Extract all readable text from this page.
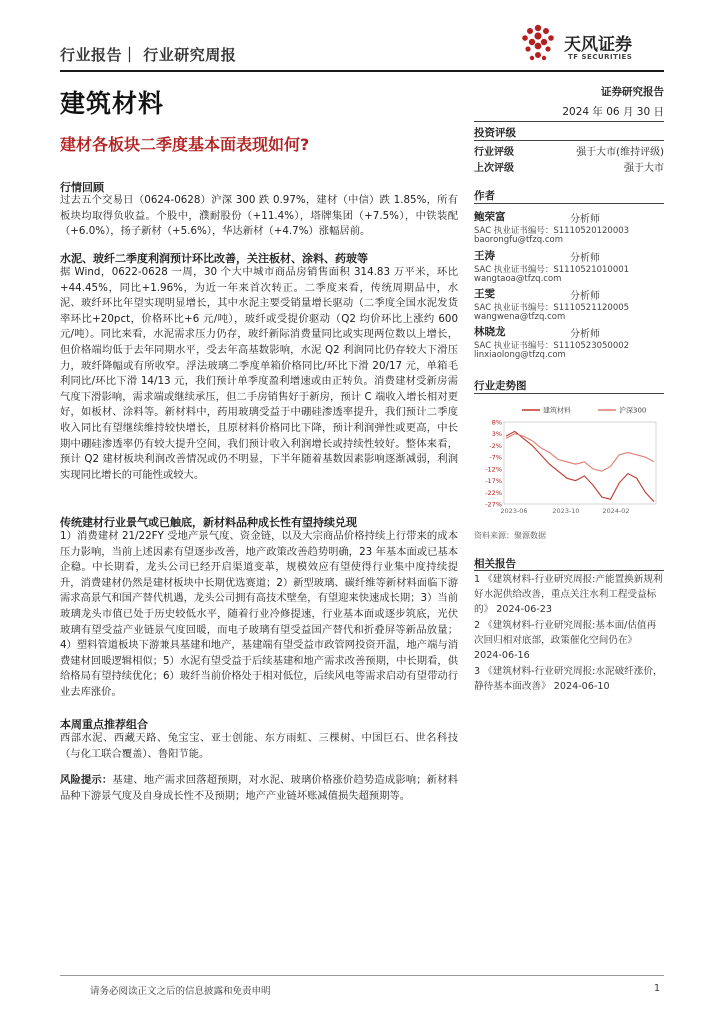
行业报告｜ 行业研究周报	天风证券
TF SECURITIES
建筑材料	证券研究报告
2024 年 06 月 30 日
建材各板块二季度基本面表现如何?
行情回顾

过去五个交易日（0624-0628）沪深 300 跌 0.97%，建材（中信）跌 1.85%，所有板块均取得负收益。个股中，濮耐股份（+11.4%），塔牌集团（+7.5%），中铁装配（+6.0%），扬子新材（+5.6%），华达新材（+4.7%）涨幅居前。

水泥、玻纤二季度利润预计环比改善，关注板材、涂料、药玻等

据 Wind，0622-0628 一周，30 个大中城市商品房销售面积 314.83 万平米，环比+44.45%，同比+1.96%，为近一年来首次转正。二季度来看，传统周期品中，水泥、玻纤环比年望实现明显增长，其中水泥主要受销量增长驱动（二季度全国水泥发货率环比+20pct，价格环比+6 元/吨），玻纤或受提价驱动（Q2 均价环比上涨约 600 元/吨）。同比来看，水泥需求压力仍存，玻纤新际消费量同比或实现两位数以上增长，但价格端均低于去年同期水平，受去年高基数影响，水泥 Q2 利润同比仍存较大下滑压力，玻纤降幅或有所收窄。浮法玻璃二季度单箱价格同比/环比下滑 20/17 元，单箱毛利同比/环比下滑 14/13 元，我们预计单季度盈利增速或由正转负。消费建材受新房需气度下滑影响，需求端或继续承压，但二手房销售好于新房，预计 C 端收入增长相对更好，如板材、涂料等。新材料中，药用玻璃受益于中硼硅渗透率提升，我们预计二季度收入同比有望继续维持较快增长，且原材料价格同比下降，预计利润弹性或更高，中长期中硼硅渗透率仍有较大提升空间，我们预计收入利润增长或持续性较好。整体来看，预计 Q2 建材板块利润改善情况或仍不明显，下半年随着基数因素影响逐渐减弱，利润实现同比增长的可能性或较大。

传统建材行业景气或已触底，新材料品种成长性有望持续兑现

1）消费建材 21/22FY 受地产景气度、资金链，以及大宗商品价格持续上行带来的成本压力影响，当前上述因素有望逐步改善，地产政策改善趋势明确，23 年基本面或已基本企稳。中长期看，龙头公司已经开启渠道变革，规模效应有望使得行业集中度持续提升，消费建材仍然是建材板块中长期优选赛道；2）新型玻璃、碳纤维等新材料面临下游需求高景气和国产替代机遇，龙头公司拥有高技术壁垒，有望迎来快速成长期；3）当前玻璃龙头市值已处于历史较低水平，随着行业冷修提速，行业基本面或逐步筑底，光伏玻璃有望受益产业链景气度回暖，而电子玻璃有望受益国产替代和折叠屏等新品放量；4）塑料管道板块下游兼具基建和地产，基建端有望受益市政管网投资开温，地产端与消费建材回暖逻辑相似；5）水泥有望受益于后续基建和地产需求改善预期，中长期看，供给格局有望持续优化；6）玻纤当前价格处于相对低位，后续风电等需求启动有望带动行业去库涨价。

本周重点推荐组合

西部水泥、西藏天路、兔宝宝、亚士创能、东方雨虹、三棵树、中国巨石、世名科技（与化工联合覆盖）、鲁阳节能。

风险提示：基建、地产需求回落超预期，对水泥、玻璃价格涨价趋势造成影响；新材料品种下游景气度及自身成长性不及预期；地产产业链坏账减值损失超预期等。

投资评级
行业评级	强于大市(维持评级)
上次评级	强于大市
作者
鲍荣富	分析师
SAC 执业证书编号：S1110520120003
baorongfu@tfzq.com
王涛	分析师
SAC 执业证书编号：S1110521010001
wangtaoa@tfzq.com
王雯	分析师
SAC 执业证书编号：S1110521120005
wangwena@tfzq.com
林晓龙	分析师
SAC 执业证书编号：S1110523050002
linxiaolong@tfzq.com
行业走势图
8%
3%
-2%
-7%
-12%
-17%
-22%
-27%
2023-06	2023-10	2024-02
建筑材料	沪深300
资料来源：聚源数据
相关报告

1 《建筑材料-行业研究周报:产能置换新规利好水泥供给改善，重点关注水利工程受益标的》 2024-06-23

2 《建筑材料-行业研究周报:基本面/估值再次回归相对底部，政策催化空间仍在》 2024-06-16

3 《建筑材料-行业研究周报:水泥破纤涨价，静待基本面改善》 2024-06-10

请务必阅读正文之后的信息披露和免责申明	1
